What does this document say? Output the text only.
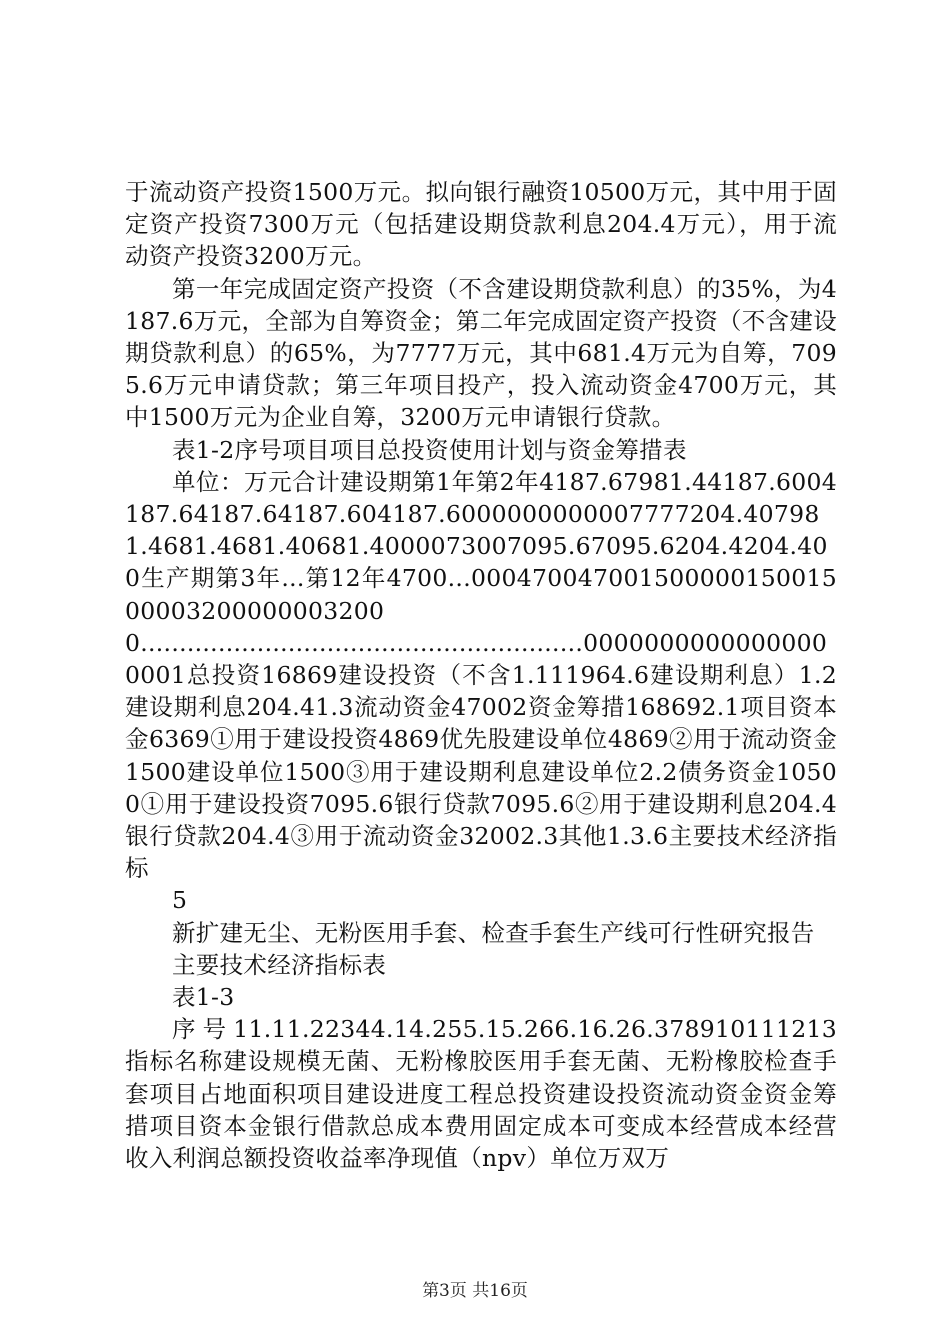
于流动资产投资1500万元。拟向银行融资10500万元，其中用于固定资产投资7300万元（包括建设期贷款利息204.4万元），用于流动资产投资3200万元。

第一年完成固定资产投资（不含建设期贷款利息）的35%，为4187.6万元，全部为自筹资金；第二年完成固定资产投资（不含建设期贷款利息）的65%，为7777万元，其中681.4万元为自筹，7095.6万元申请贷款；第三年项目投产，投入流动资金4700万元，其中1500万元为企业自筹，3200万元申请银行贷款。

表1-2序号项目项目总投资使用计划与资金筹措表

单位：万元合计建设期第1年第2年4187.67981.44187.6004187.64187.64187.604187.6000000000007777204.407981.4681.4681.40681.4000073007095.67095.6204.4204.400生产期第3年...第12年4700...000470047001500000150015000032000000032000.........................................................00000000000000000001总投资16869建设投资（不含1.111964.6建设期利息）1.2建设期利息204.41.3流动资金47002资金筹措168692.1项目资本金6369①用于建设投资4869优先股建设单位4869②用于流动资金1500建设单位1500③用于建设期利息建设单位2.2债务资金10500①用于建设投资7095.6银行贷款7095.6②用于建设期利息204.4银行贷款204.4③用于流动资金32002.3其他1.3.6主要技术经济指标

5

新扩建无尘、无粉医用手套、检查手套生产线可行性研究报告

主要技术经济指标表

表1-3

序号11.11.22344.14.255.15.266.16.26.378910111213指标名称建设规模无菌、无粉橡胶医用手套无菌、无粉橡胶检查手套项目占地面积项目建设进度工程总投资建设投资流动资金资金筹措项目资本金银行借款总成本费用固定成本可变成本经营成本经营收入利润总额投资收益率净现值（npv）单位万双万

第3页 共16页
